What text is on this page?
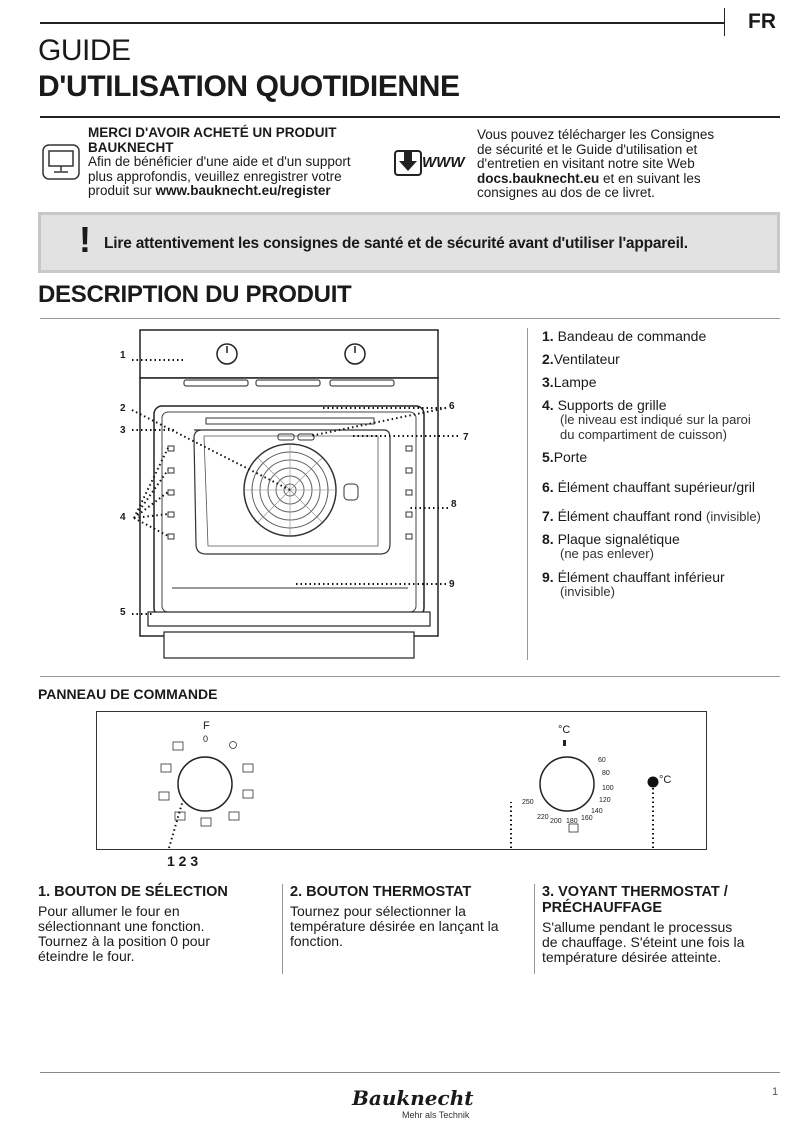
FR
GUIDE
D'UTILISATION QUOTIDIENNE
MERCI D'AVOIR ACHETÉ UN PRODUIT
BAUKNECHT
Afin de bénéficier d'une aide et d'un support
plus approfondis, veuillez enregistrer votre
produit sur www.bauknecht.eu/register
WWW
Vous pouvez télécharger les Consignes
de sécurité et le Guide d'utilisation et
d'entretien en visitant notre site Web
docs.bauknecht.eu et en suivant les
consignes au dos de ce livret.
! Lire attentivement les consignes de santé et de sécurité avant d'utiliser l'appareil.
DESCRIPTION DU PRODUIT
1
2
3
4
5
6
7
8
9
1. Bandeau de commande
2.Ventilateur
3.Lampe
4. Supports de grille
(le niveau est indiqué sur la paroi
du compartiment de cuisson)
5.Porte
6. Élément chauffant supérieur/gril
7. Élément chauffant rond (invisible)
8. Plaque signalétique
(ne pas enlever)
9. Élément chauffant inférieur
(invisible)
PANNEAU DE COMMANDE
F
0
°C
60
80
100
120
140
160
180
200
220
250
°C
1 2 3
1. BOUTON DE SÉLECTION
Pour allumer le four en
sélectionnant une fonction.
Tournez à la position 0 pour
éteindre le four.
2. BOUTON THERMOSTAT
Tournez pour sélectionner la
température désirée en lançant la
fonction.
3. VOYANT THERMOSTAT /
PRÉCHAUFFAGE
S'allume pendant le processus
de chauffage. S'éteint une fois la
température désirée atteinte.
Bauknecht
Mehr als Technik
1
